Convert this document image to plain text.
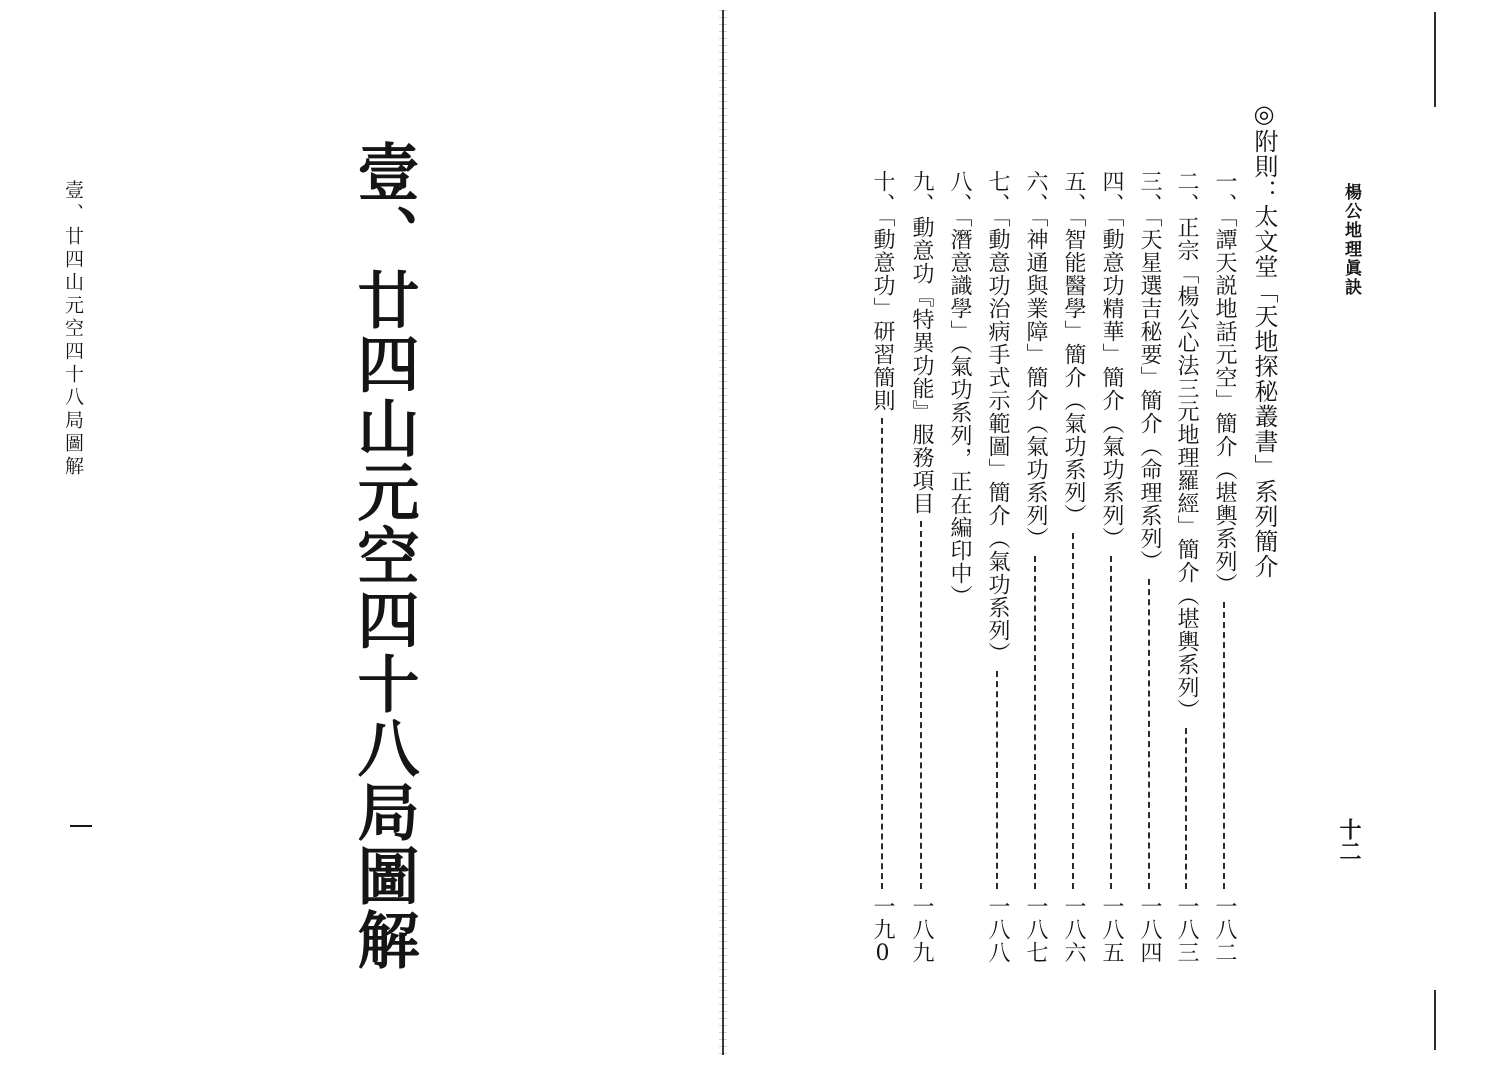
壹、廿四山元空四十八局圖解	壹、廿四山元空四十八局圖解	楊公地理眞訣
十二
◎附則：太文堂「天地探秘叢書」系列簡介
一、「譚天説地話元空」簡介（堪輿系列）
一八二
二、正宗「楊公心法三元地理羅經」簡介（堪輿系列）
一八三
三、「天星選吉秘要」簡介（命理系列）
一八四
四、「動意功精華」簡介（氣功系列）
一八五
五、「智能醫學」簡介（氣功系列）
一八六
六、「神通與業障」簡介（氣功系列）
一八七
七、「動意功治病手式示範圖」簡介（氣功系列）
一八八
八、「潛意識學」（氣功系列，正在編印中）
九、動意功『特異功能』服務項目
一八九
十、「動意功」研習簡則
一九0
